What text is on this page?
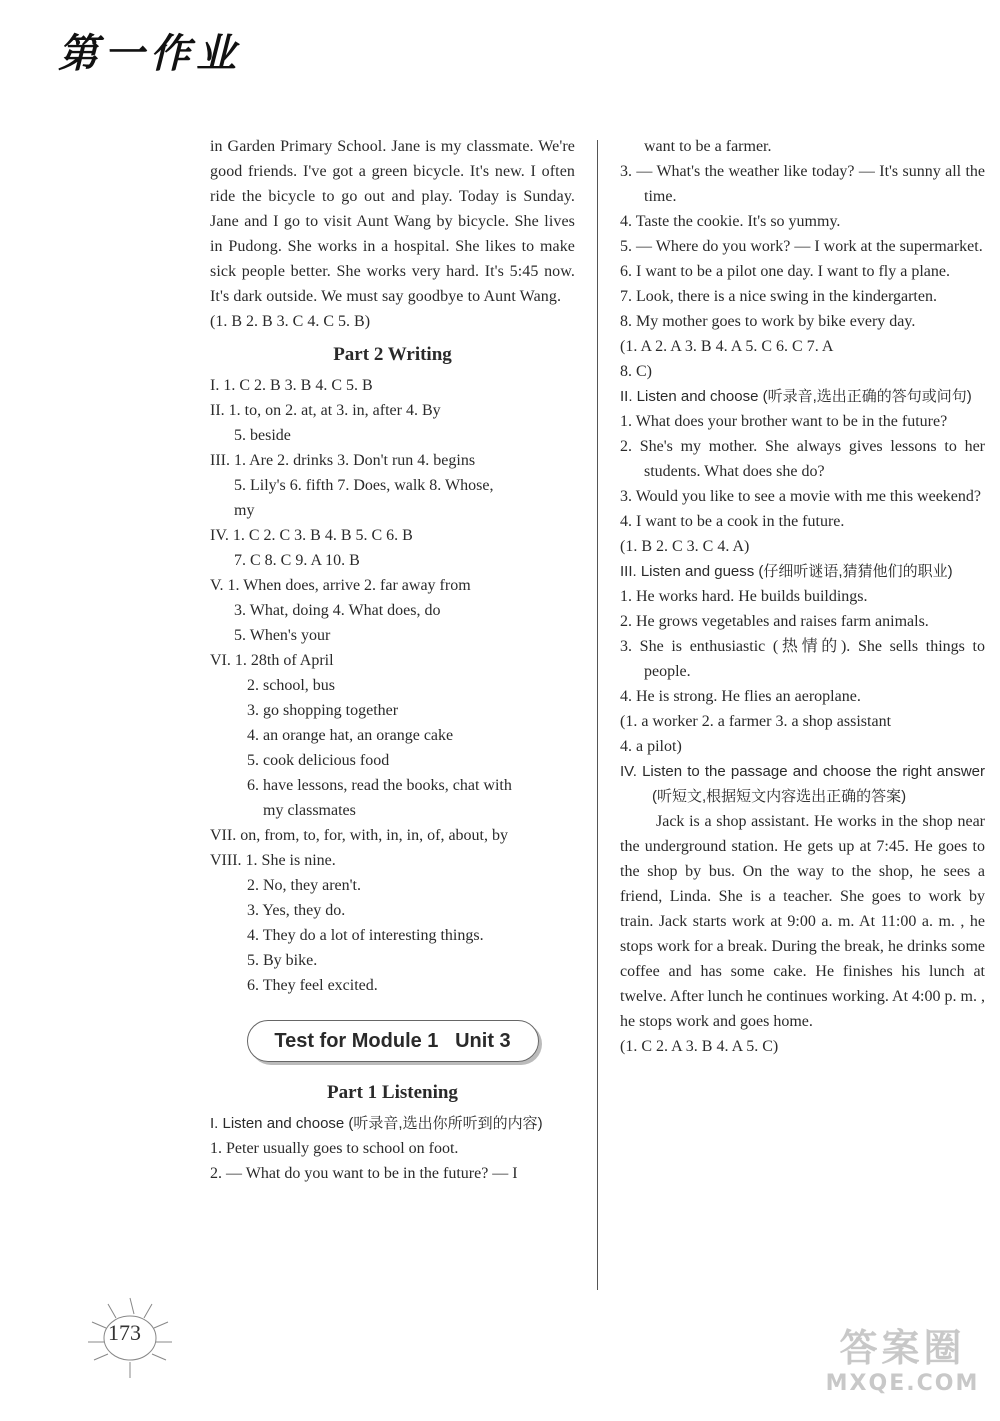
第一作业

in Garden Primary School. Jane is my classmate. We're good friends. I've got a green bicycle. It's new. I often ride the bicycle to go out and play. Today is Sunday. Jane and I go to visit Aunt Wang by bicycle. She lives in Pudong. She works in a hospital. She likes to make sick people better. She works very hard. It's 5:45 now. It's dark outside. We must say goodbye to Aunt Wang.

(1. B 2. B 3. C 4. C 5. B)

Part 2 Writing

I. 1. C 2. B 3. B 4. C 5. B

II. 1. to, on 2. at, at 3. in, after 4. By

5. beside

III. 1. Are 2. drinks 3. Don't run 4. begins

5. Lily's 6. fifth 7. Does, walk 8. Whose,

my

IV. 1. C 2. C 3. B 4. B 5. C 6. B

7. C 8. C 9. A 10. B

V. 1. When does, arrive 2. far away from

3. What, doing 4. What does, do

5. When's your

VI. 1. 28th of April

2. school, bus

3. go shopping together

4. an orange hat, an orange cake

5. cook delicious food

6. have lessons, read the books, chat with

my classmates

VII. on, from, to, for, with, in, in, of, about, by

VIII. 1. She is nine.

2. No, they aren't.

3. Yes, they do.

4. They do a lot of interesting things.

5. By bike.

6. They feel excited.

Test for Module 1   Unit 3
Part 1 Listening

I. Listen and choose (听录音,选出你所听到的内容)

1. Peter usually goes to school on foot.

2. — What do you want to be in the future? — I

want to be a farmer.

3. — What's the weather like today? — It's sunny all the time.

4. Taste the cookie. It's so yummy.

5. — Where do you work? — I work at the supermarket.

6. I want to be a pilot one day. I want to fly a plane.

7. Look, there is a nice swing in the kindergarten.

8. My mother goes to work by bike every day.

(1. A 2. A 3. B 4. A 5. C 6. C 7. A

8. C)

II. Listen and choose (听录音,选出正确的答句或问句)

1. What does your brother want to be in the future?

2. She's my mother. She always gives lessons to her students. What does she do?

3. Would you like to see a movie with me this weekend?

4. I want to be a cook in the future.

(1. B 2. C 3. C 4. A)

III. Listen and guess (仔细听谜语,猜猜他们的职业)

1. He works hard. He builds buildings.

2. He grows vegetables and raises farm animals.

3. She is enthusiastic (热情的). She sells things to people.

4. He is strong. He flies an aeroplane.

(1. a worker 2. a farmer 3. a shop assistant

4. a pilot)

IV. Listen to the passage and choose the right answer (听短文,根据短文内容选出正确的答案)

Jack is a shop assistant. He works in the shop near the underground station. He gets up at 7:45. He goes to the shop by bus. On the way to the shop, he sees a friend, Linda. She is a teacher. She goes to work by train. Jack starts work at 9:00 a. m. At 11:00 a. m. , he stops work for a break. During the break, he drinks some coffee and has some cake. He finishes his lunch at twelve. After lunch he continues working. At 4:00 p. m. , he stops work and goes home.

(1. C 2. A 3. B 4. A 5. C)

173	答案圈
MXQE.COM
